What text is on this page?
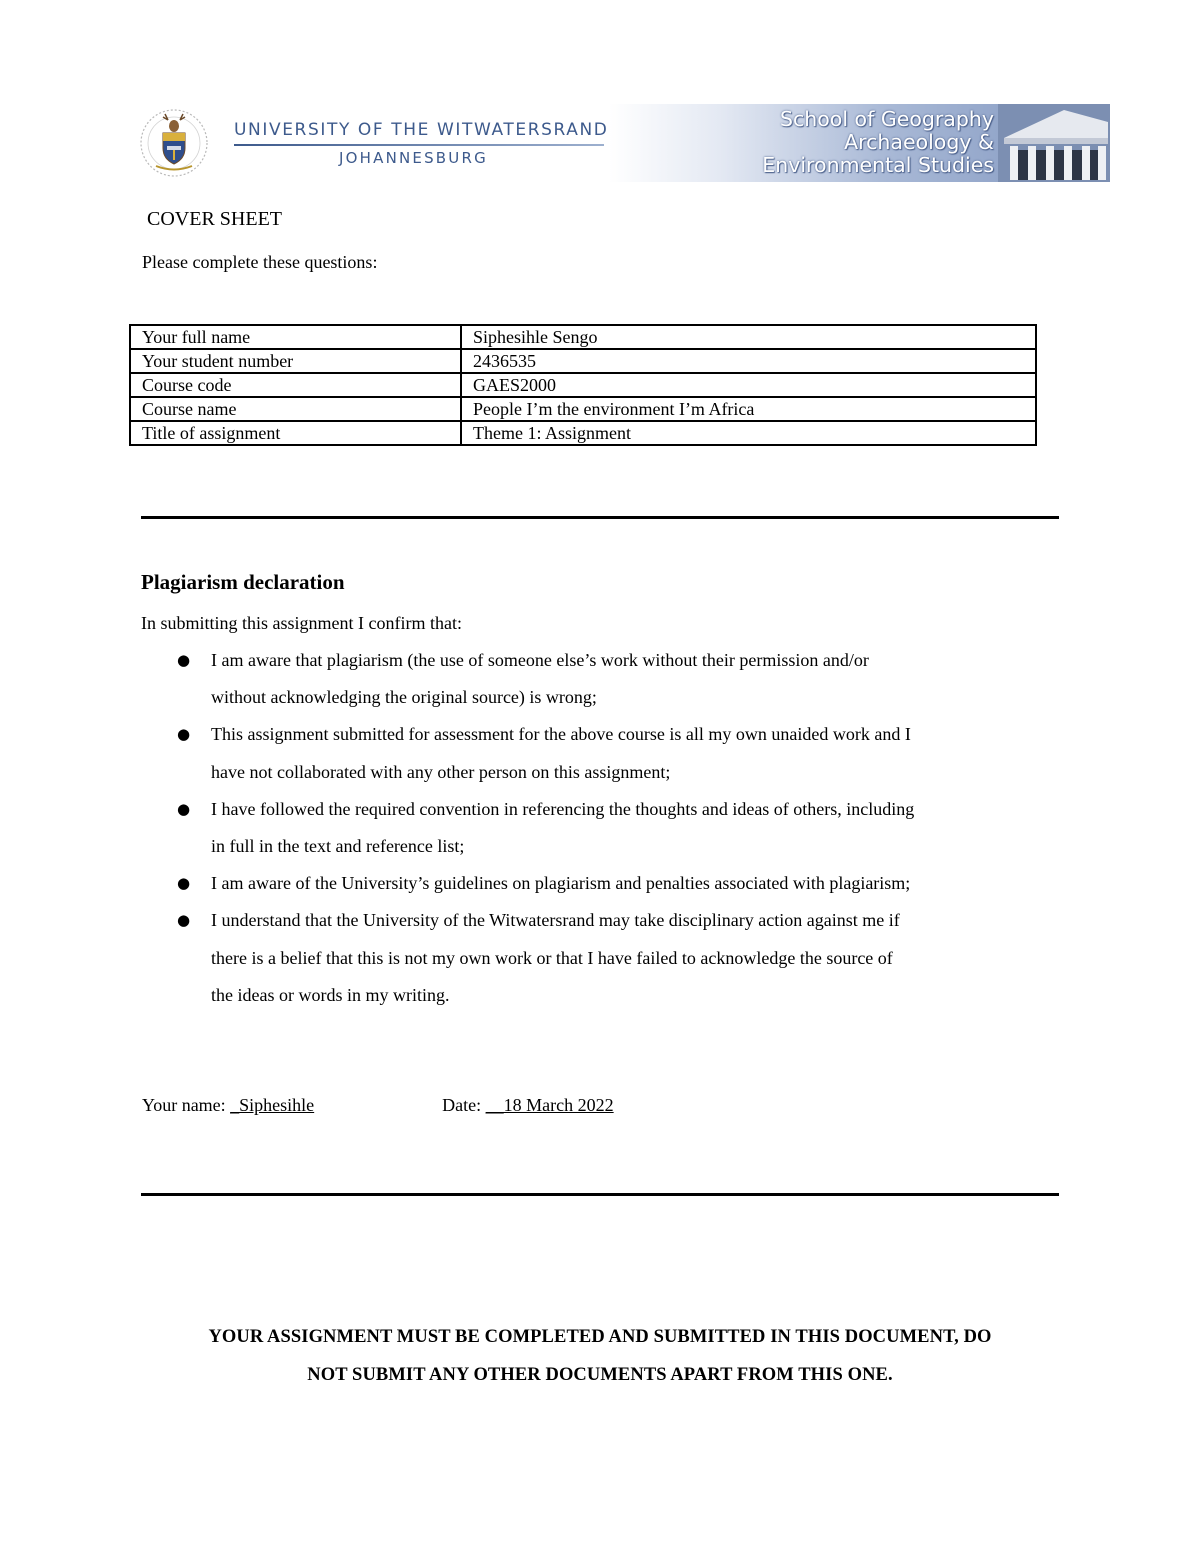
UNIVERSITY OF THE WITWATERSRAND
JOHANNESBURG
School of Geography
Archaeology &
Environmental Studies
COVER SHEET
Please complete these questions:
Your full name	Siphesihle Sengo
Your student number	2436535
Course code	GAES2000
Course name	People I’m the environment I’m Africa
Title of assignment	Theme 1: Assignment
Plagiarism declaration
In submitting this assignment I confirm that:
● I am aware that plagiarism (the use of someone else’s work without their permission and/or
without acknowledging the original source) is wrong;
● This assignment submitted for assessment for the above course is all my own unaided work and I
have not collaborated with any other person on this assignment;
● I have followed the required convention in referencing the thoughts and ideas of others, including
in full in the text and reference list;
● I am aware of the University’s guidelines on plagiarism and penalties associated with plagiarism;
● I understand that the University of the Witwatersrand may take disciplinary action against me if
there is a belief that this is not my own work or that I have failed to acknowledge the source of
the ideas or words in my writing.
Your name: _Siphesihle	Date: __18 March 2022
YOUR ASSIGNMENT MUST BE COMPLETED AND SUBMITTED IN THIS DOCUMENT, DO
NOT SUBMIT ANY OTHER DOCUMENTS APART FROM THIS ONE.
